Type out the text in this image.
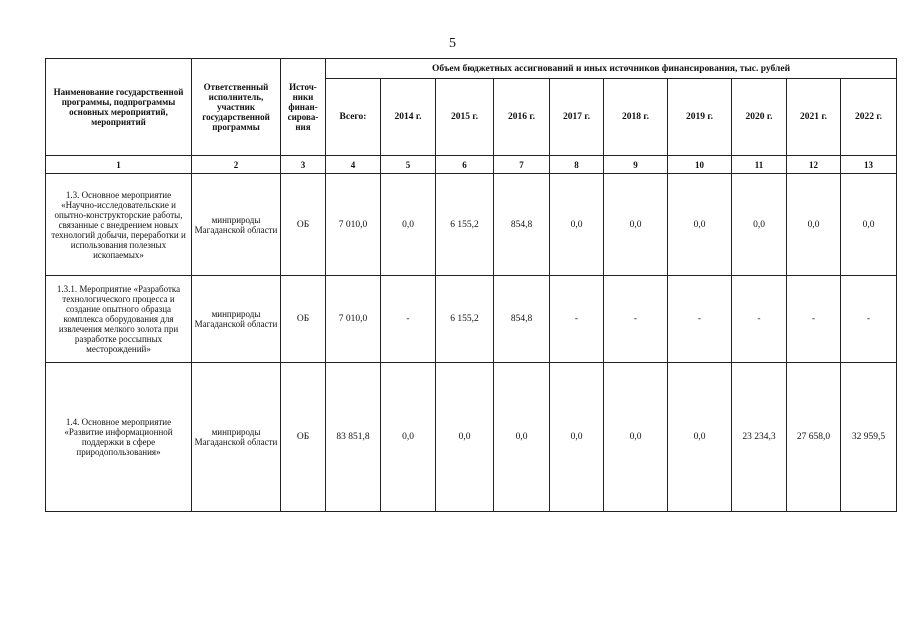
5
Наименование государственной программы, подпрограммы основных мероприятий, мероприятий	Ответственный исполнитель, участник государственной программы	Источ-ники финан-сирова-ния	Объем бюджетных ассигнований и иных источников финансирования, тыс. рублей									
			Всего:	2014 г.	2015 г.	2016 г.	2017 г.	2018 г.	2019 г.	2020 г.	2021 г.	2022 г.
1	2	3	4	5	6	7	8	9	10	11	12	13
1.3. Основное мероприятие «Научно-исследовательские и опытно-конструкторские работы, связанные с внедрением новых технологий добычи, переработки и использования полезных ископаемых»	минприроды Магаданской области	ОБ	7 010,0	0,0	6 155,2	854,8	0,0	0,0	0,0	0,0	0,0	0,0
1.3.1. Мероприятие «Разработка технологического процесса и создание опытного образца комплекса оборудования для извлечения мелкого золота при разработке россыпных месторождений»	минприроды Магаданской области	ОБ	7 010,0	-	6 155,2	854,8	-	-	-	-	-	-
1.4. Основное мероприятие «Развитие информационной поддержки в сфере природопользования»	минприроды Магаданской области	ОБ	83 851,8	0,0	0,0	0,0	0,0	0,0	0,0	23 234,3	27 658,0	32 959,5
